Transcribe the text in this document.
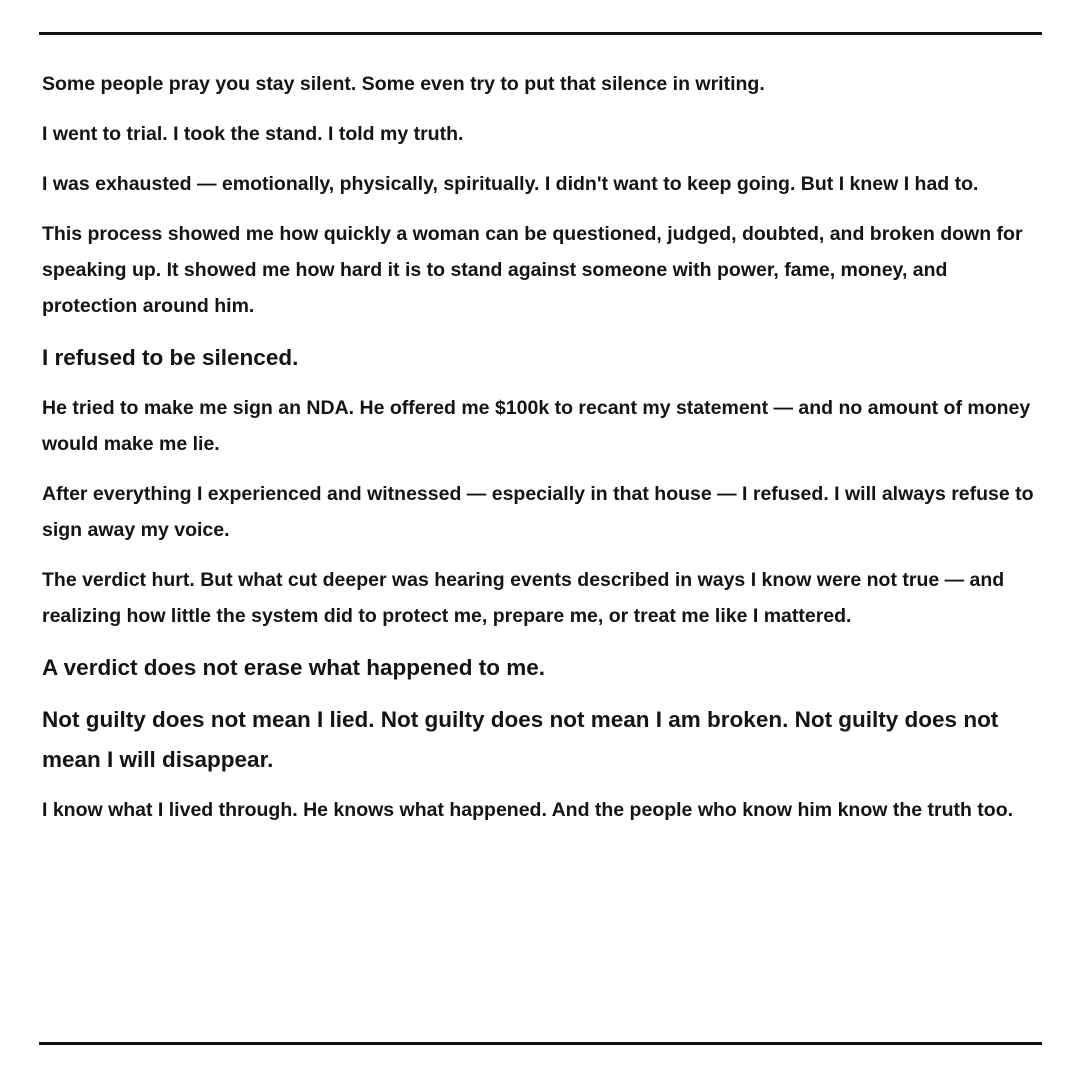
Some people pray you stay silent. Some even try to put that silence in writing.

I went to trial. I took the stand. I told my truth.

I was exhausted — emotionally, physically, spiritually. I didn't want to keep going. But I knew I had to.

This process showed me how quickly a woman can be questioned, judged, doubted, and broken down for speaking up. It showed me how hard it is to stand against someone with power, fame, money, and protection around him.

I refused to be silenced.

He tried to make me sign an NDA. He offered me $100k to recant my statement — and no amount of money would make me lie.

After everything I experienced and witnessed — especially in that house — I refused. I will always refuse to sign away my voice.

The verdict hurt. But what cut deeper was hearing events described in ways I know were not true — and realizing how little the system did to protect me, prepare me, or treat me like I mattered.

A verdict does not erase what happened to me.

Not guilty does not mean I lied. Not guilty does not mean I am broken. Not guilty does not mean I will disappear.

I know what I lived through. He knows what happened. And the people who know him know the truth too.
